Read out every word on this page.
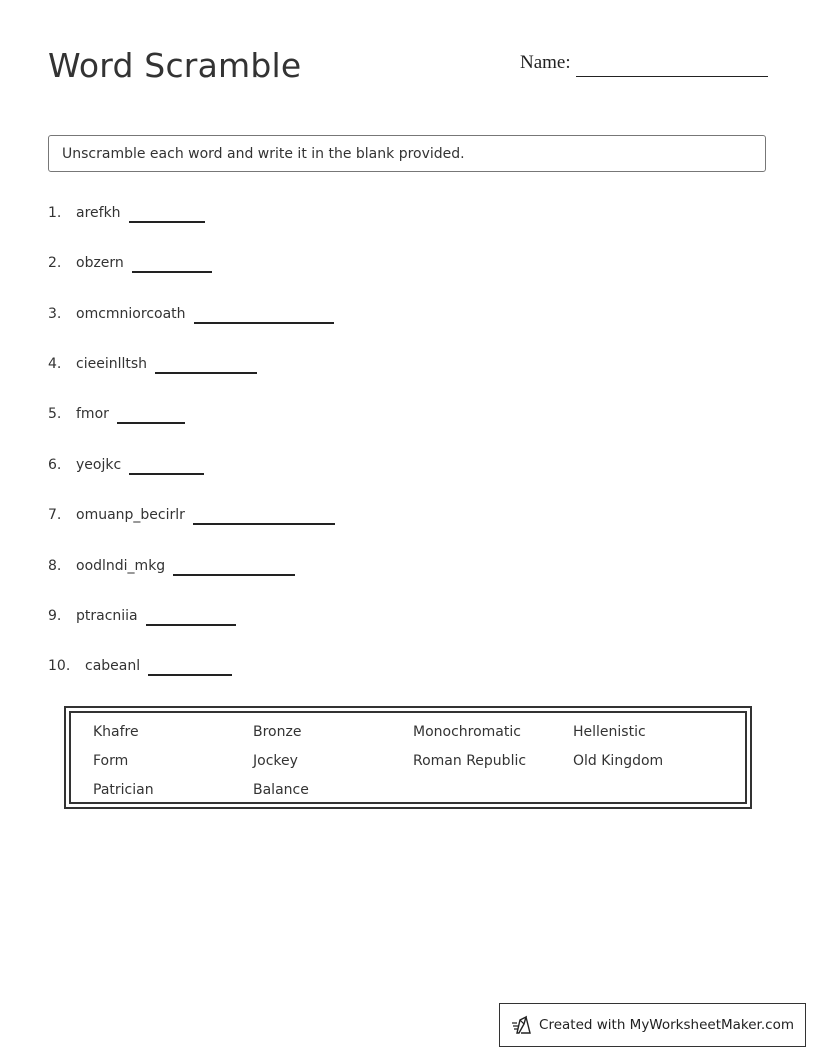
Word Scramble	Name:
Unscramble each word and write it in the blank provided.
1.	arefkh
2.	obzern
3.	omcmniorcoath
4.	cieeinlltsh
5.	fmor
6.	yeojkc
7.	omuanp_becirlr
8.	oodlndi_mkg
9.	ptracniia
10.	cabeanl
Khafre	Bronze	Monochromatic	Hellenistic
Form	Jockey	Roman Republic	Old Kingdom
Patrician	Balance
Created with MyWorksheetMaker.com
